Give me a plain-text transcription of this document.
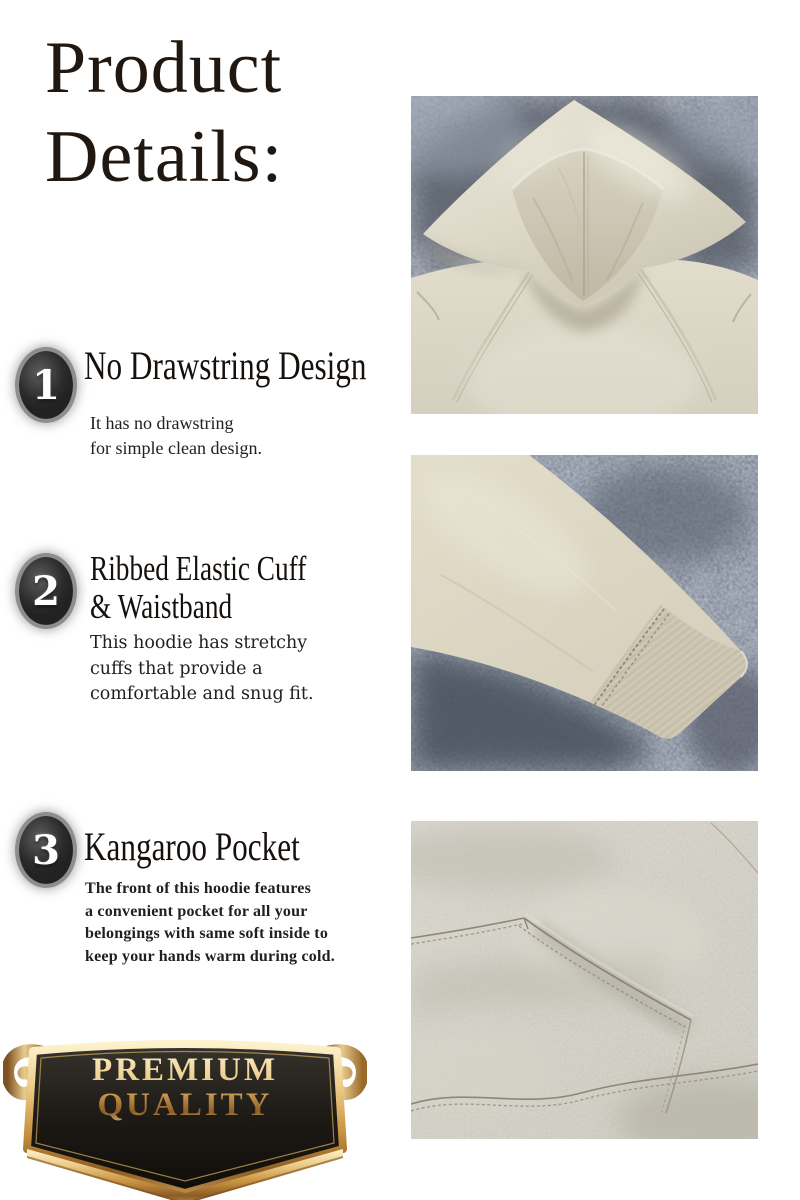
Product
Details:
1 No Drawstring Design

It has no drawstring
for simple clean design.

2 Ribbed Elastic Cuff
& Waistband

This hoodie has stretchy
cuffs that provide a
comfortable and snug fit.

3 Kangaroo Pocket

The front of this hoodie features
a convenient pocket for all your
belongings with same soft inside to
keep your hands warm during cold.

PREMIUM
QUALITY
